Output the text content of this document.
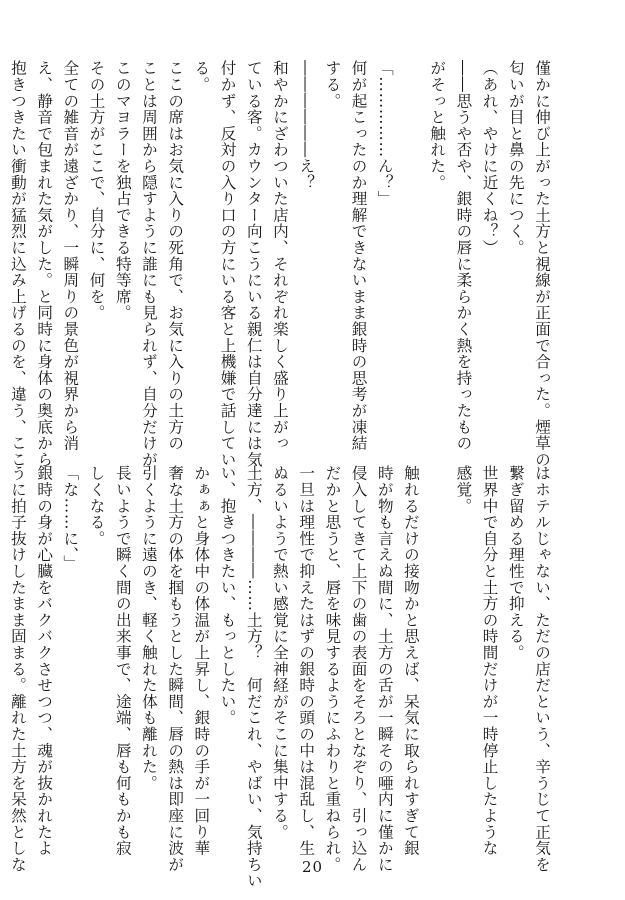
僅かに伸び上がった土方と視線が正面で合った。煙草の
匂いが目と鼻の先につく。
（あれ、やけに近くね？）
――思うや否や、銀時の唇に柔らかく熱を持ったもの
がそっと触れた。

「……………ん？」
何が起こったのか理解できないまま銀時の思考が凍結
する。
――――――え？
和やかにざわついた店内、それぞれ楽しく盛り上がっ
ている客。カウンター向こうにいる親仁は自分達には気
付かず、反対の入り口の方にいる客と上機嫌で話してい
る。
ここの席はお気に入りの死角で、お気に入りの土方の
ことは周囲から隠すように誰にも見られず、自分だけが
このマヨラーを独占できる特等席。
その土方がここで、自分に、何を。
全ての雑音が遠ざかり、一瞬周りの景色が視界から消
え、静音で包まれた気がした。と同時に身体の奥底から
抱きつきたい衝動が猛烈に込み上げるのを、違う、ここ
はホテルじゃない、ただの店だという、辛うじて正気を
繋ぎ留める理性で抑える。
世界中で自分と土方の時間だけが一時停止したような
感覚。

触れるだけの接吻かと思えば、呆気に取られすぎて銀
時が物も言えぬ間に、土方の舌が一瞬その唖内に僅かに
侵入してきて上下の歯の表面をそろとなぞり、引っ込ん
だかと思うと、唇を味見するようにふわりと重ねられ。
一旦は理性で抑えたはずの銀時の頭の中は混乱し、生
ぬるいようで熱い感覚に全神経がそこに集中する。
土方、――――……土方？　何だこれ、やばい、気持ちい
い、抱きつきたい、もっとしたい。
かぁぁと身体中の体温が上昇し、銀時の手が一回り華
奢な土方の体を掴もうとした瞬間、唇の熱は即座に波が
引くように遠のき、軽く触れた体も離れた。
長いようで瞬く間の出来事で、途端、唇も何もかも寂
しくなる。
「な……に、」
銀時の身が心臓をバクバクさせつつ、魂が抜かれたよ
うに拍子抜けしたまま固まる。離れた土方を呆然としな	20
